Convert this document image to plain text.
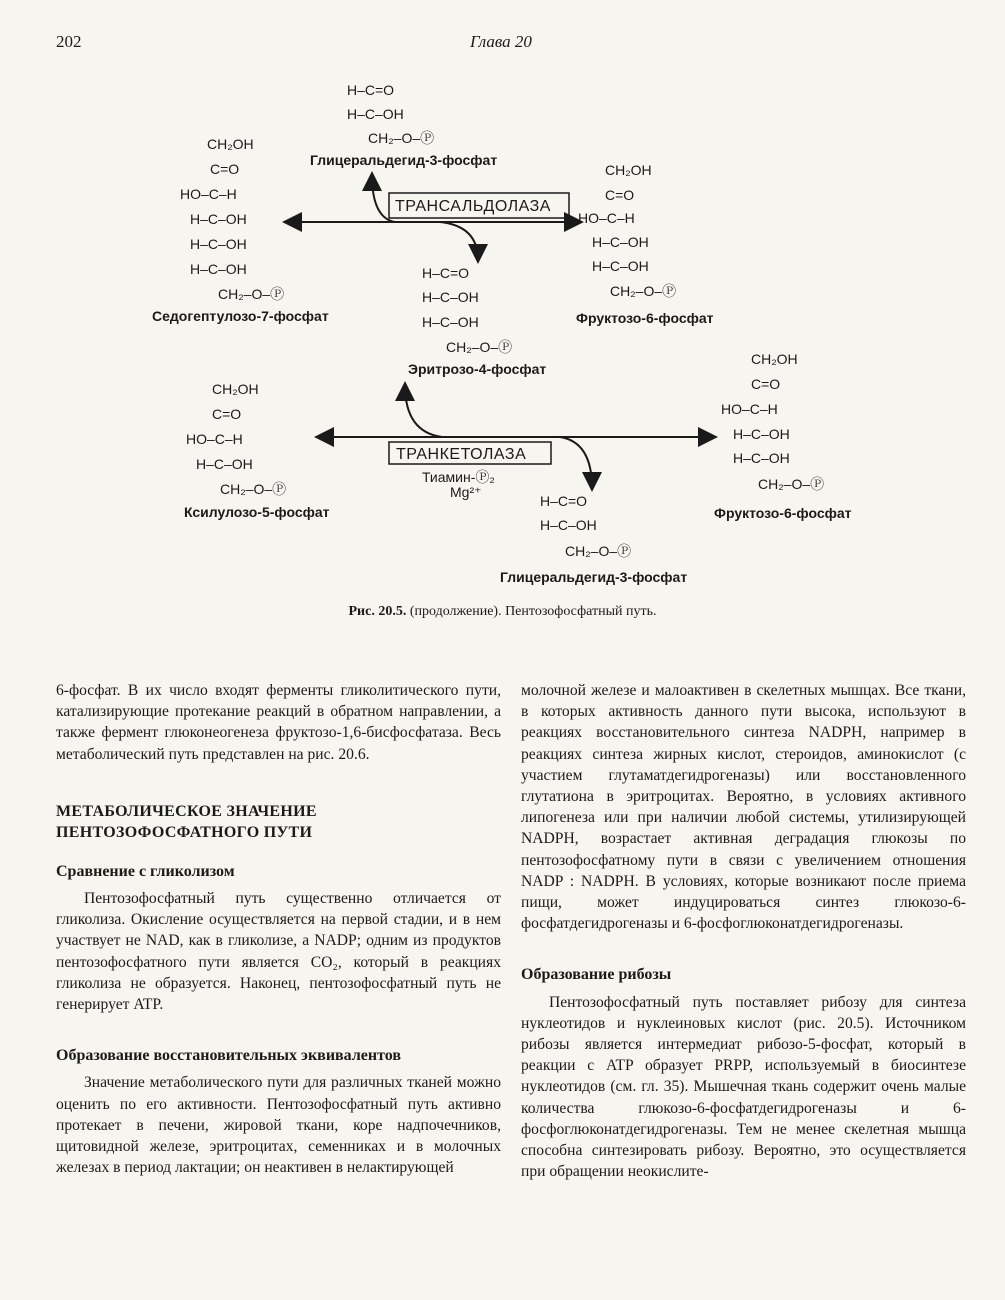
202	Глава 20
H–C=O
H–C–OH
CH₂–O–Ⓟ
Глицеральдегид-3-фосфат
CH₂OH
C=O
HO–C–H
H–C–OH
H–C–OH
H–C–OH
CH₂–O–Ⓟ
Седогептулозо-7-фосфат
ТРАНСАЛЬДОЛАЗА
CH₂OH
C=O
HO–C–H
H–C–OH
H–C–OH
CH₂–O–Ⓟ
Фруктозо-6-фосфат
H–C=O
H–C–OH
H–C–OH
CH₂–O–Ⓟ
Эритрозо-4-фосфат
CH₂OH
C=O
HO–C–H
H–C–OH
CH₂–O–Ⓟ
Ксилулозо-5-фосфат
ТРАНКЕТОЛАЗА
Тиамин-Ⓟ₂
Mg²⁺
CH₂OH
C=O
HO–C–H
H–C–OH
H–C–OH
CH₂–O–Ⓟ
Фруктозо-6-фосфат
H–C=O
H–C–OH
CH₂–O–Ⓟ
Глицеральдегид-3-фосфат
Рис. 20.5. (продолжение). Пентозофосфатный путь.

6-фосфат. В их число входят ферменты гликолитического пути, катализирующие протекание реакций в обратном направлении, а также фермент глюконеогенеза фруктозо-1,6-бисфосфатаза. Весь метаболический путь представлен на рис. 20.6.

МЕТАБОЛИЧЕСКОЕ ЗНАЧЕНИЕ
ПЕНТОЗОФОСФАТНОГО ПУТИ
Сравнение с гликолизом

Пентозофосфатный путь существенно отличается от гликолиза. Окисление осуществляется на первой стадии, и в нем участвует не NAD, как в гликолизе, а NADP; одним из продуктов пентозофосфатного пути является CO₂, который в реакциях гликолиза не образуется. Наконец, пентозофосфатный путь не генерирует ATP.

Образование восстановительных эквивалентов

Значение метаболического пути для различных тканей можно оценить по его активности. Пентозофосфатный путь активно протекает в печени, жировой ткани, коре надпочечников, щитовидной железе, эритроцитах, семенниках и в молочных железах в период лактации; он неактивен в нелактирующей

молочной железе и малоактивен в скелетных мышцах. Все ткани, в которых активность данного пути высока, используют в реакциях восстановительного синтеза NADPH, например в реакциях синтеза жирных кислот, стероидов, аминокислот (с участием глутаматдегидрогеназы) или восстановленного глутатиона в эритроцитах. Вероятно, в условиях активного липогенеза или при наличии любой системы, утилизирующей NADPH, возрастает активная деградация глюкозы по пентозофосфатному пути в связи с увеличением отношения NADP : NADPH. В условиях, которые возникают после приема пищи, может индуцироваться синтез глюкозо-6-фосфатдегидрогеназы и 6-фосфоглюконатдегидрогеназы.

Образование рибозы

Пентозофосфатный путь поставляет рибозу для синтеза нуклеотидов и нуклеиновых кислот (рис. 20.5). Источником рибозы является интермедиат рибозо-5-фосфат, который в реакции с ATP образует PRPP, используемый в биосинтезе нуклеотидов (см. гл. 35). Мышечная ткань содержит очень малые количества глюкозо-6-фосфатдегидрогеназы и 6-фосфоглюконатдегидрогеназы. Тем не менее скелетная мышца способна синтезировать рибозу. Вероятно, это осуществляется при обращении неокислите-
